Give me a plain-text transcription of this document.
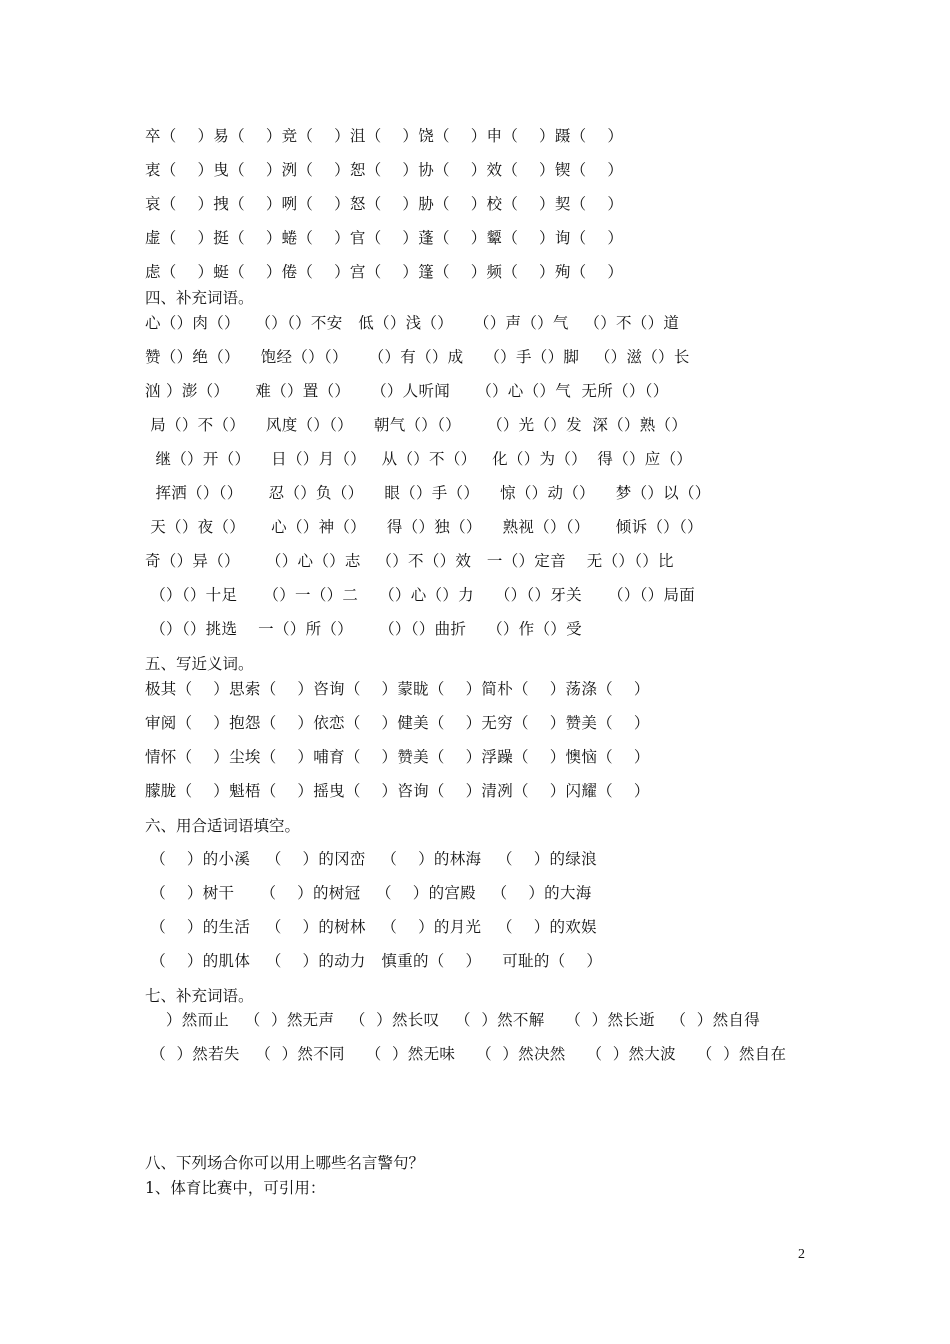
卒（    ）易（    ）竞（    ）沮（    ）饶（    ）申（    ）蹑（    ）
衷（    ）曳（    ）洌（    ）恕（    ）协（    ）效（    ）锲（    ）
哀（    ）拽（    ）咧（    ）怒（    ）胁（    ）校（    ）契（    ）
虚（    ）挺（    ）蜷（    ）官（    ）蓬（    ）颦（    ）询（    ）
虑（    ）蜓（    ）倦（    ）宫（    ）篷（    ）频（    ）殉（    ）
四、补充词语。
心（）肉（）   （）（）不安   低（）浅（）    （）声（）气   （）不（）道
赞（）绝（）    饱经（）（）    （）有（）成    （）手（）脚   （）滋（）长
汹 ）澎（）     难（）置（）    （）人听闻     （）心（）气  无所（）（）
局（）不（）    风度（）（）    朝气（）（）     （）光（）发  深（）熟（）
继（）开（）    日（）月（）   从（）不（）   化（）为（）  得（）应（）
挥洒（）（）     忍（）负（）    眼（）手（）    惊（）动（）    梦（）以（）
天（）夜（）     心（）神（）    得（）独（）    熟视（）（）     倾诉（）（）
奇（）异（）     （）心（）志   （）不（）效   一（）定音    无（）（）比
（）（）十足     （）一（）二    （）心（）力    （）（）牙关     （）（）局面
（）（）挑选    一（）所（）     （）（）曲折    （）作（）受
五、写近义词。
极其（    ）思索（    ）咨询（    ）蒙眬（    ）简朴（    ）荡涤（    ）
审阅（    ）抱怨（    ）依恋（    ）健美（    ）无穷（    ）赞美（    ）
情怀（    ）尘埃（    ）哺育（    ）赞美（    ）浮躁（    ）懊恼（    ）
朦胧（    ）魁梧（    ）摇曳（    ）咨询（    ）清冽（    ）闪耀（    ）
六、用合适词语填空。
（    ）的小溪   （    ）的冈峦   （    ）的林海   （    ）的绿浪
（    ）树干     （    ）的树冠   （    ）的宫殿   （    ）的大海
（    ）的生活   （    ）的树林   （    ）的月光   （    ）的欢娱
（    ）的肌体   （    ）的动力   慎重的（    ）    可耻的（    ）
七、补充词语。
）然而止   （  ）然无声   （  ）然长叹   （  ）然不解    （  ）然长逝   （  ）然自得
（  ）然若失   （  ）然不同    （  ）然无味    （  ）然决然    （  ）然大波    （  ）然自在
八、下列场合你可以用上哪些名言警句？
1、体育比赛中，可引用：
2
